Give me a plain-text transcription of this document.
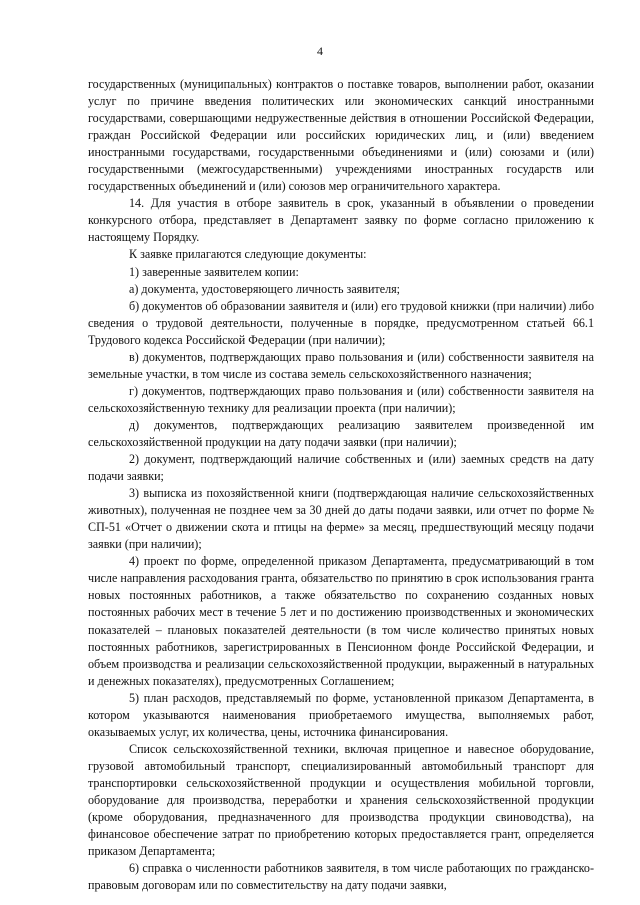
4

государственных (муниципальных) контрактов о поставке товаров, выполнении работ, оказании услуг по причине введения политических или экономических санкций иностранными государствами, совершающими недружественные действия в отношении Российской Федерации, граждан Российской Федерации или российских юридических лиц, и (или) введением иностранными государствами, государственными объединениями и (или) союзами и (или) государственными (межгосударственными) учреждениями иностранных государств или государственных объединений и (или) союзов мер ограничительного характера.

14. Для участия в отборе заявитель в срок, указанный в объявлении о проведении конкурсного отбора, представляет в Департамент заявку по форме согласно приложению к настоящему Порядку.

К заявке прилагаются следующие документы:

1) заверенные заявителем копии:

а) документа, удостоверяющего личность заявителя;

б) документов об образовании заявителя и (или) его трудовой книжки (при наличии) либо сведения о трудовой деятельности, полученные в порядке, предусмотренном статьей 66.1 Трудового кодекса Российской Федерации (при наличии);

в) документов, подтверждающих право пользования и (или) собственности заявителя на земельные участки, в том числе из состава земель сельскохозяйственного назначения;

г) документов, подтверждающих право пользования и (или) собственности заявителя на сельскохозяйственную технику для реализации проекта (при наличии);

д) документов, подтверждающих реализацию заявителем произведенной им сельскохозяйственной продукции на дату подачи заявки (при наличии);

2) документ, подтверждающий наличие собственных и (или) заемных средств на дату подачи заявки;

3) выписка из похозяйственной книги (подтверждающая наличие сельскохозяйственных животных), полученная не позднее чем за 30 дней до даты подачи заявки, или отчет по форме № СП-51 «Отчет о движении скота и птицы на ферме» за месяц, предшествующий месяцу подачи заявки (при наличии);

4) проект по форме, определенной приказом Департамента, предусматривающий в том числе направления расходования гранта, обязательство по принятию в срок использования гранта новых постоянных работников, а также обязательство по сохранению созданных новых постоянных рабочих мест в течение 5 лет и по достижению производственных и экономических показателей – плановых показателей деятельности (в том числе количество принятых новых постоянных работников, зарегистрированных в Пенсионном фонде Российской Федерации, и объем производства и реализации сельскохозяйственной продукции, выраженный в натуральных и денежных показателях), предусмотренных Соглашением;

5) план расходов, представляемый по форме, установленной приказом Департамента, в котором указываются наименования приобретаемого имущества, выполняемых работ, оказываемых услуг, их количества, цены, источника финансирования.

Список сельскохозяйственной техники, включая прицепное и навесное оборудование, грузовой автомобильный транспорт, специализированный автомобильный транспорт для транспортировки сельскохозяйственной продукции и осуществления мобильной торговли, оборудование для производства, переработки и хранения сельскохозяйственной продукции (кроме оборудования, предназначенного для производства продукции свиноводства), на финансовое обеспечение затрат по приобретению которых предоставляется грант, определяется приказом Департамента;

6) справка о численности работников заявителя, в том числе работающих по гражданско-правовым договорам или по совместительству на дату подачи заявки,
